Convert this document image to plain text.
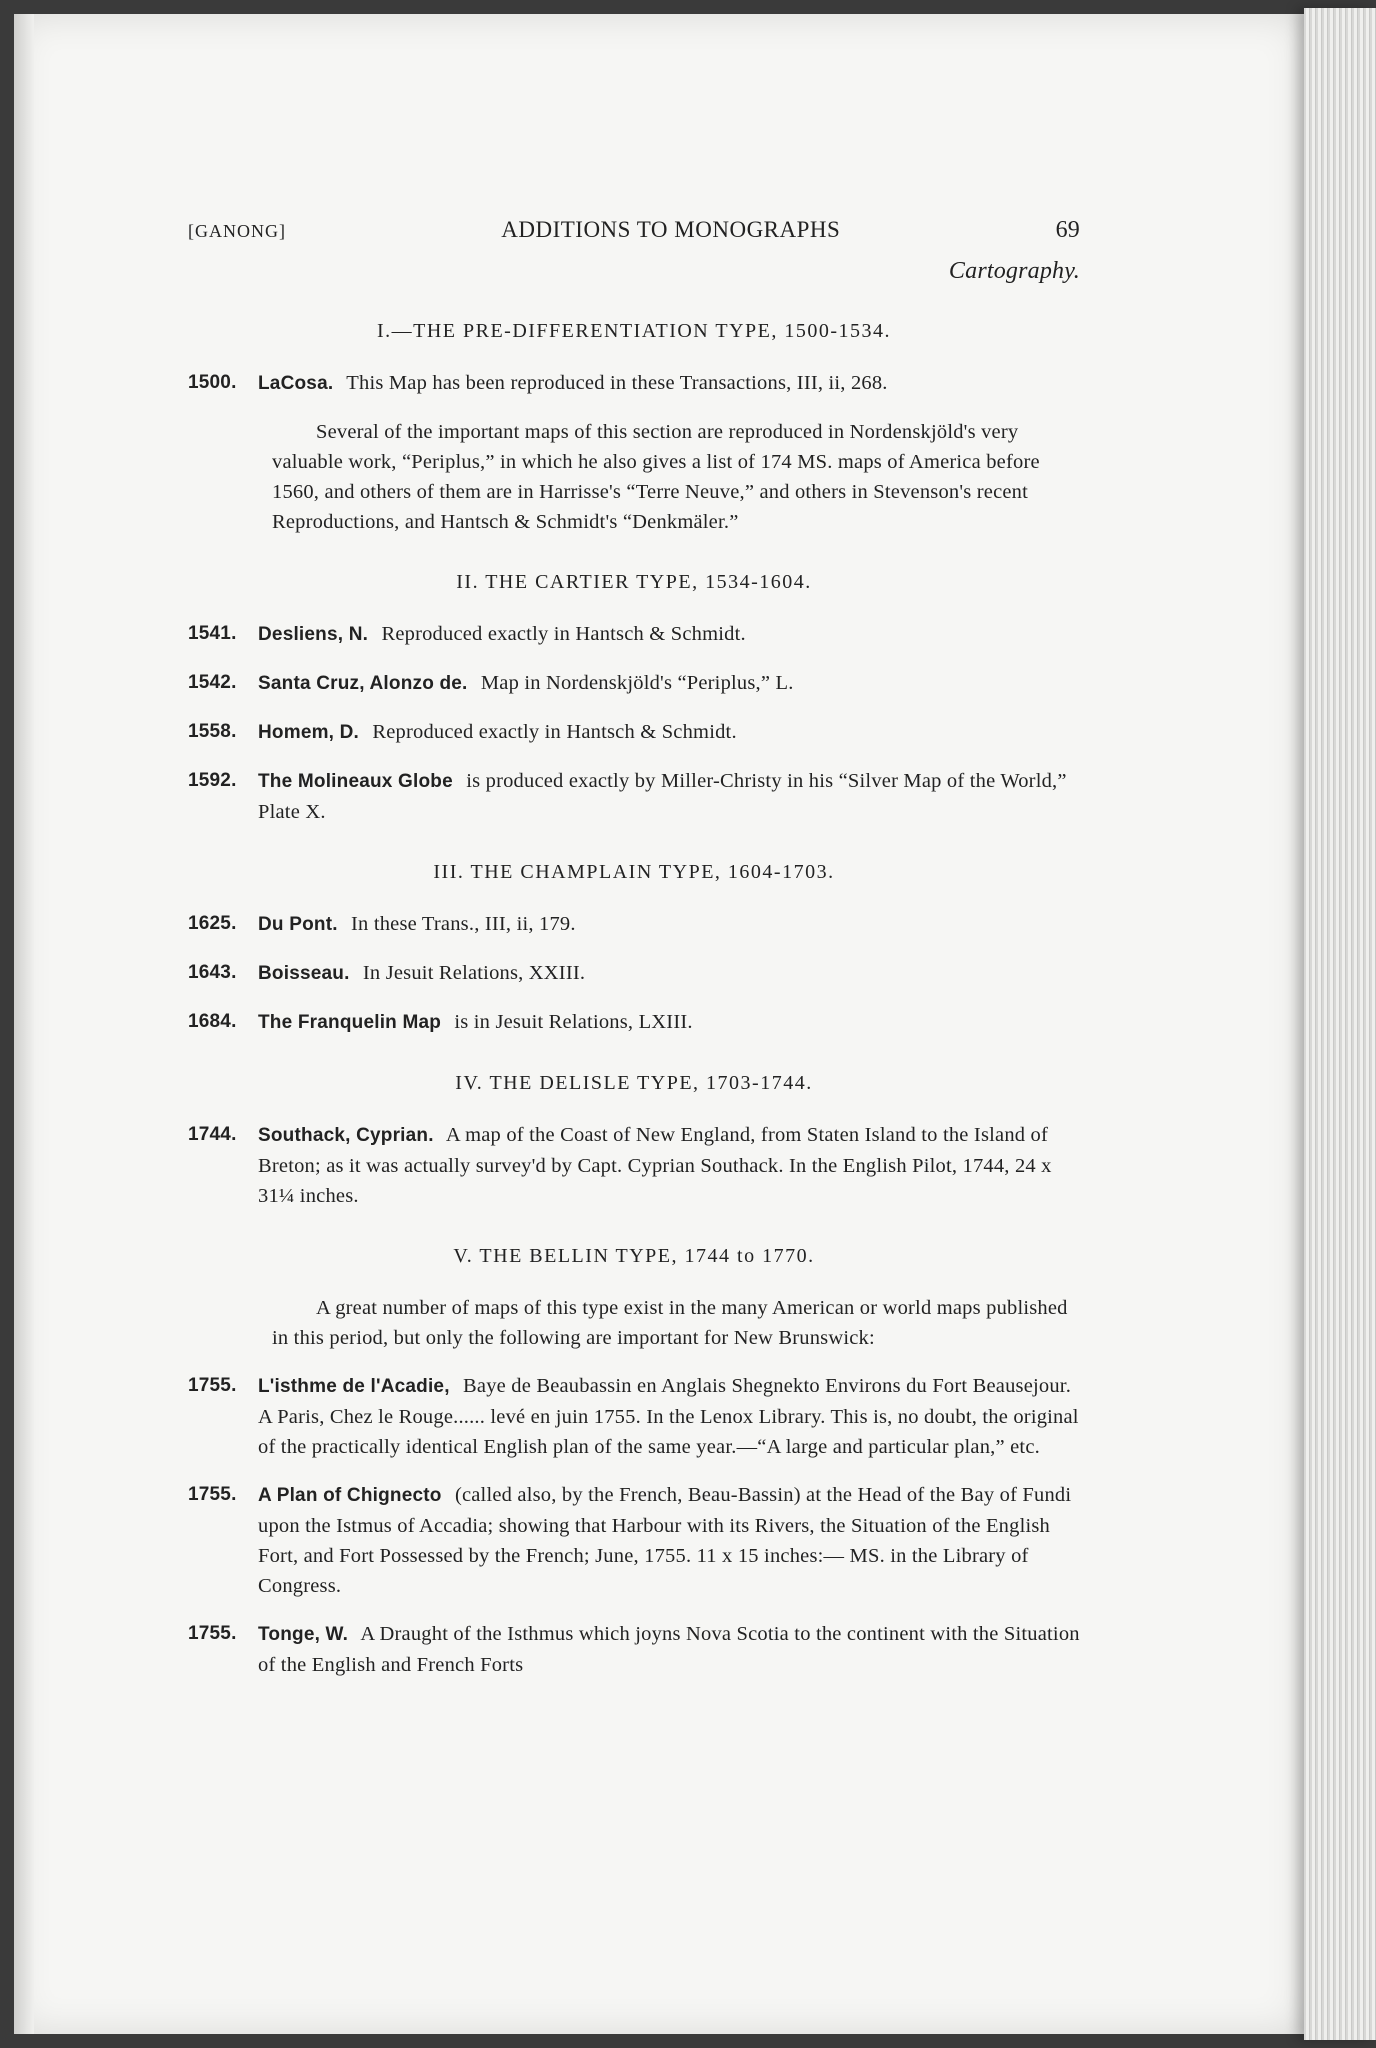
[GANONG]	ADDITIONS TO MONOGRAPHS	69
Cartography.
I.—THE PRE-DIFFERENTIATION TYPE, 1500-1534.
1500.	LaCosa. This Map has been reproduced in these Transactions, III, ii, 268.
Several of the important maps of this section are reproduced in Nordenskjöld's very valuable work, “Periplus,” in which he also gives a list of 174 MS. maps of America before 1560, and others of them are in Harrisse's “Terre Neuve,” and others in Stevenson's recent Reproductions, and Hantsch & Schmidt's “Denkmäler.”
II. THE CARTIER TYPE, 1534-1604.
1541.	Desliens, N. Reproduced exactly in Hantsch & Schmidt.
1542.	Santa Cruz, Alonzo de. Map in Nordenskjöld's “Periplus,” L.
1558.	Homem, D. Reproduced exactly in Hantsch & Schmidt.
1592.	The Molineaux Globe is produced exactly by Miller-Christy in his “Silver Map of the World,” Plate X.
III. THE CHAMPLAIN TYPE, 1604-1703.
1625.	Du Pont. In these Trans., III, ii, 179.
1643.	Boisseau. In Jesuit Relations, XXIII.
1684.	The Franquelin Map is in Jesuit Relations, LXIII.
IV. THE DELISLE TYPE, 1703-1744.
1744.	Southack, Cyprian. A map of the Coast of New England, from Staten Island to the Island of Breton; as it was actually survey'd by Capt. Cyprian Southack. In the English Pilot, 1744, 24 x 31¼ inches.
V. THE BELLIN TYPE, 1744 to 1770.
A great number of maps of this type exist in the many American or world maps published in this period, but only the following are important for New Brunswick:
1755.	L'isthme de l'Acadie, Baye de Beaubassin en Anglais Shegnekto Environs du Fort Beausejour. A Paris, Chez le Rouge...... levé en juin 1755. In the Lenox Library. This is, no doubt, the original of the practically identical English plan of the same year.—“A large and particular plan,” etc.
1755.	A Plan of Chignecto (called also, by the French, Beau-Bassin) at the Head of the Bay of Fundi upon the Istmus of Accadia; showing that Harbour with its Rivers, the Situation of the English Fort, and Fort Possessed by the French; June, 1755. 11 x 15 inches:— MS. in the Library of Congress.
1755.	Tonge, W. A Draught of the Isthmus which joyns Nova Scotia to the continent with the Situation of the English and French Forts
